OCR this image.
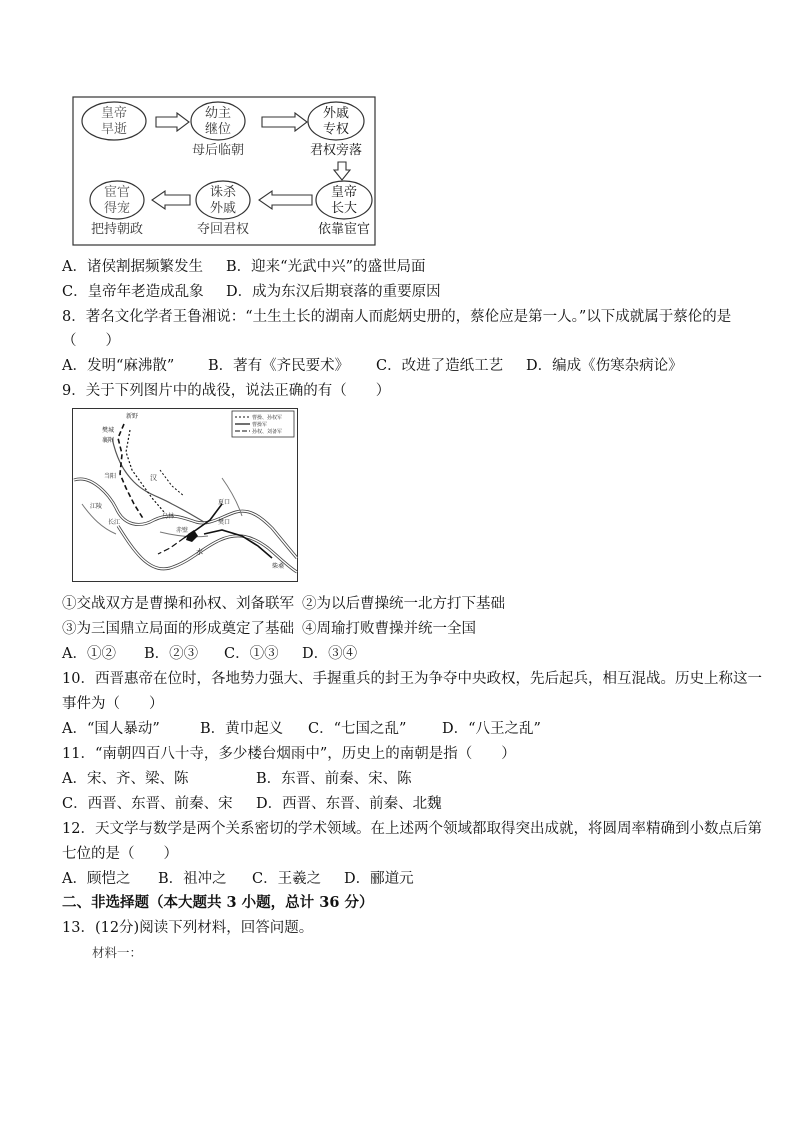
皇帝
早逝
幼主
继位
母后临朝
外戚
专权
君权旁落
宦官
得宠
把持朝政
诛杀
外戚
夺回君权
皇帝
长大
依靠宦官
A．诸侯割据频繁发生 B．迎来“光武中兴”的盛世局面
C．皇帝年老造成乱象 D．成为东汉后期衰落的重要原因
8．著名文化学者王鲁湘说：“土生土长的湖南人而彪炳史册的，蔡伦应是第一人。”以下成就属于蔡伦的是
（　　）
A．发明“麻沸散” B．著有《齐民要术》 C．改进了造纸工艺 D．编成《伤寒杂病论》
9．关于下列图片中的战役，说法正确的有（　　）
曹操、孙权军
曹操军
孙权、刘备军
新野
樊城
襄阳
当阳	汉
江陵
夏口
赤壁
樊口
长江
乌林
柴桑
水
①交战双方是曹操和孙权、刘备联军 ②为以后曹操统一北方打下基础
③为三国鼎立局面的形成奠定了基础 ④周瑜打败曹操并统一全国
A．①② B．②③ C．①③ D．③④
10．西晋惠帝在位时，各地势力强大、手握重兵的封王为争夺中央政权，先后起兵，相互混战。历史上称这一
事件为（　　）
A．“国人暴动”	B．黄巾起义 C．“七国之乱” D．“八王之乱”
11．“南朝四百八十寺，多少楼台烟雨中”，历史上的南朝是指（　　）
A．宋、齐、梁、陈	B．东晋、前秦、宋、陈
C．西晋、东晋、前秦、宋 D．西晋、东晋、前秦、北魏
12．天文学与数学是两个关系密切的学术领域。在上述两个领域都取得突出成就，将圆周率精确到小数点后第
七位的是（　　）
A．顾恺之 B．祖冲之 C．王羲之 D．郦道元
二、非选择题（本大题共 3 小题，总计 36 分）
13．(12分)阅读下列材料，回答问题。
材料一：
